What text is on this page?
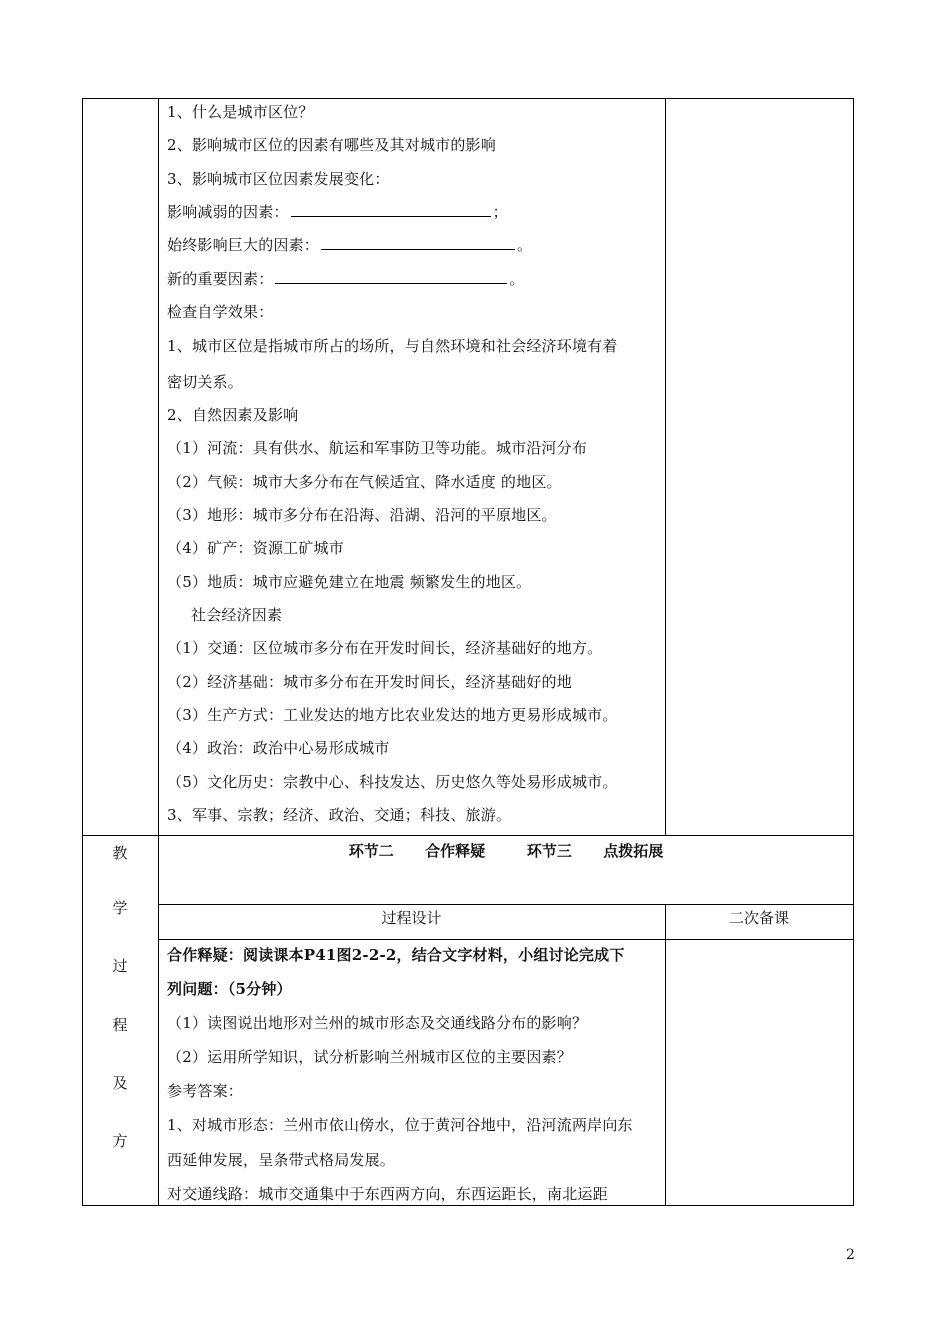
1、什么是城市区位？
2、影响城市区位的因素有哪些及其对城市的影响
3、影响城市区位因素发展变化：
影响减弱的因素：	；
始终影响巨大的因素：	。
新的重要因素：	。
检查自学效果：
1、城市区位是指城市所占的场所，与自然环境和社会经济环境有着
密切关系。
2、自然因素及影响
（1）河流：具有供水、航运和军事防卫等功能。城市沿河分布
（2）气候：城市大多分布在气候适宜、降水适度 的地区。
（3）地形：城市多分布在沿海、沿湖、沿河的平原地区。
（4）矿产：资源工矿城市
（5）地质：城市应避免建立在地震 频繁发生的地区。
社会经济因素
（1）交通：区位城市多分布在开发时间长，经济基础好的地方。
（2）经济基础：城市多分布在开发时间长，经济基础好的地
（3）生产方式：工业发达的地方比农业发达的地方更易形成城市。
（4）政治：政治中心易形成城市
（5）文化历史：宗教中心、科技发达、历史悠久等处易形成城市。
3、军事、宗教；经济、政治、交通；科技、旅游。
教
学
过
程
及
方
环节二      合作释疑        环节三      点拨拓展
过程设计	二次备课
合作释疑：阅读课本P41图2-2-2，结合文字材料，小组讨论完成下
列问题：（5分钟）
（1）读图说出地形对兰州的城市形态及交通线路分布的影响？
（2）运用所学知识，试分析影响兰州城市区位的主要因素？
参考答案：
1、对城市形态：兰州市依山傍水，位于黄河谷地中，沿河流两岸向东
西延伸发展，呈条带式格局发展。
对交通线路：城市交通集中于东西两方向，东西运距长，南北运距
2
